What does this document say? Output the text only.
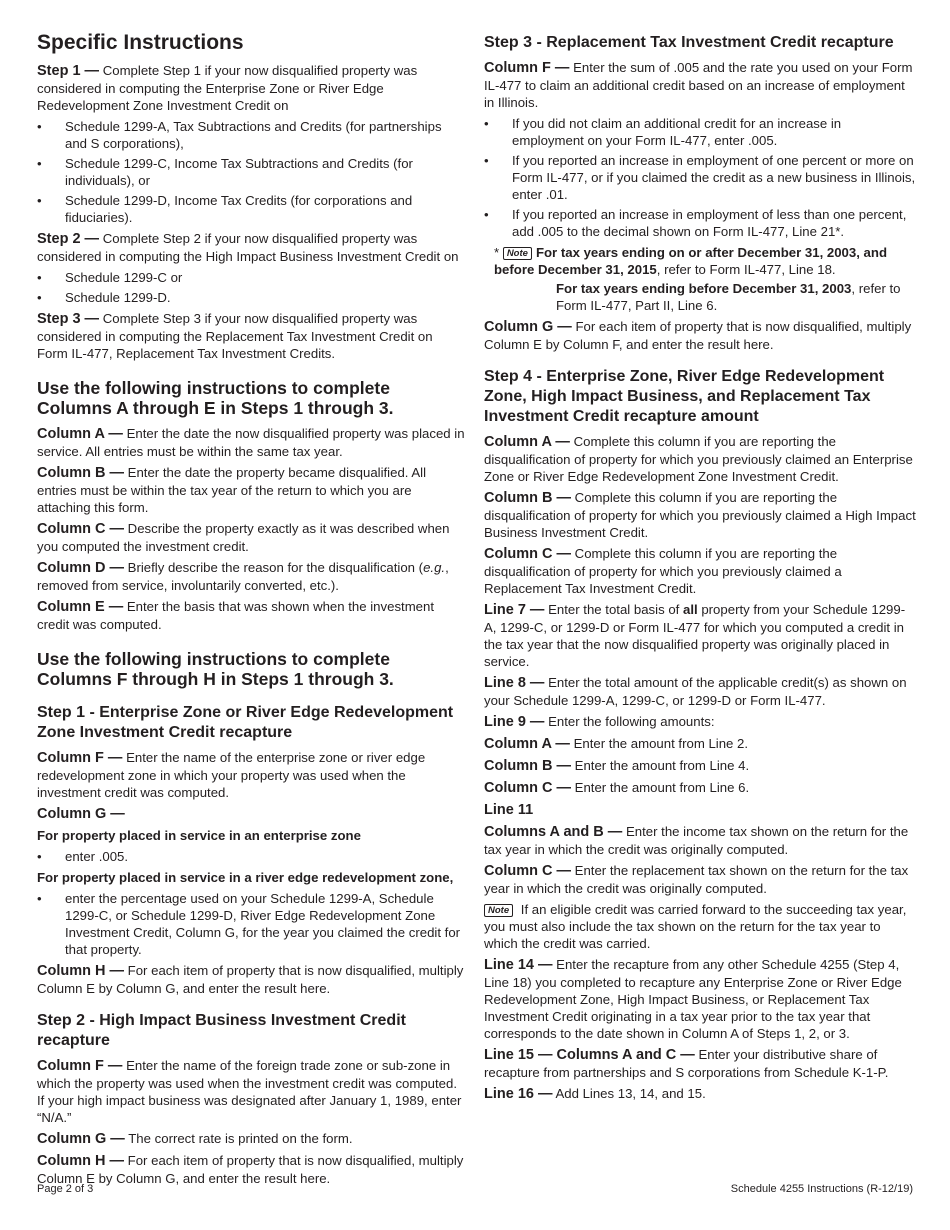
Specific Instructions

Step 1 — Complete Step 1 if your now disqualified property was considered in computing the Enterprise Zone or River Edge Redevelopment Zone Investment Credit on

• Schedule 1299-A, Tax Subtractions and Credits (for partnerships and S corporations),
• Schedule 1299-C, Income Tax Subtractions and Credits (for individuals), or
• Schedule 1299-D, Income Tax Credits (for corporations and fiduciaries).

Step 2 — Complete Step 2 if your now disqualified property was considered in computing the High Impact Business Investment Credit on

• Schedule 1299-C or
• Schedule 1299-D.

Step 3 — Complete Step 3 if your now disqualified property was considered in computing the Replacement Tax Investment Credit on Form IL-477, Replacement Tax Investment Credits.

Use the following instructions to complete Columns A through E in Steps 1 through 3.

Column A — Enter the date the now disqualified property was placed in service. All entries must be within the same tax year.

Column B — Enter the date the property became disqualified. All entries must be within the tax year of the return to which you are attaching this form.

Column C — Describe the property exactly as it was described when you computed the investment credit.

Column D — Briefly describe the reason for the disqualification (e.g., removed from service, involuntarily converted, etc.).

Column E — Enter the basis that was shown when the investment credit was computed.

Use the following instructions to complete Columns F through H in Steps 1 through 3.
Step 1 - Enterprise Zone or River Edge Redevelopment Zone Investment Credit recapture

Column F — Enter the name of the enterprise zone or river edge redevelopment zone in which your property was used when the investment credit was computed.

Column G —

For property placed in service in an enterprise zone

• enter .005.

For property placed in service in a river edge redevelopment zone,

• enter the percentage used on your Schedule 1299-A, Schedule 1299-C, or Schedule 1299-D, River Edge Redevelopment Zone Investment Credit, Column G, for the year you claimed the credit for that property.

Column H — For each item of property that is now disqualified, multiply Column E by Column G, and enter the result here.

Step 2 - High Impact Business Investment Credit recapture

Column F — Enter the name of the foreign trade zone or sub-zone in which the property was used when the investment credit was computed. If your high impact business was designated after January 1, 1989, enter “N/A.”

Column G — The correct rate is printed on the form.

Column H — For each item of property that is now disqualified, multiply Column E by Column G, and enter the result here.

Step 3 - Replacement Tax Investment Credit recapture

Column F — Enter the sum of .005 and the rate you used on your Form IL-477 to claim an additional credit based on an increase of employment in Illinois.

• If you did not claim an additional credit for an increase in employment on your Form IL-477, enter .005.
• If you reported an increase in employment of one percent or more on Form IL-477, or if you claimed the credit as a new business in Illinois, enter .01.
• If you reported an increase in employment of less than one percent, add .005 to the decimal shown on Form IL-477, Line 21*.

* Note For tax years ending on or after December 31, 2003, and before December 31, 2015, refer to Form IL-477, Line 18.

For tax years ending before December 31, 2003, refer to Form IL-477, Part II, Line 6.

Column G — For each item of property that is now disqualified, multiply Column E by Column F, and enter the result here.

Step 4 - Enterprise Zone, River Edge Redevelopment Zone, High Impact Business, and Replacement Tax Investment Credit recapture amount

Column A — Complete this column if you are reporting the disqualification of property for which you previously claimed an Enterprise Zone or River Edge Redevelopment Zone Investment Credit.

Column B — Complete this column if you are reporting the disqualification of property for which you previously claimed a High Impact Business Investment Credit.

Column C — Complete this column if you are reporting the disqualification of property for which you previously claimed a Replacement Tax Investment Credit.

Line 7 — Enter the total basis of all property from your Schedule 1299-A, 1299-C, or 1299-D or Form IL-477 for which you computed a credit in the tax year that the now disqualified property was originally placed in service.

Line 8 — Enter the total amount of the applicable credit(s) as shown on your Schedule 1299-A, 1299-C, or 1299-D or Form IL-477.

Line 9 — Enter the following amounts:

Column A — Enter the amount from Line 2.

Column B — Enter the amount from Line 4.

Column C — Enter the amount from Line 6.

Line 11

Columns A and B — Enter the income tax shown on the return for the tax year in which the credit was originally computed.

Column C — Enter the replacement tax shown on the return for the tax year in which the credit was originally computed.

Note If an eligible credit was carried forward to the succeeding tax year, you must also include the tax shown on the return for the tax year to which the credit was carried.

Line 14 — Enter the recapture from any other Schedule 4255 (Step 4, Line 18) you completed to recapture any Enterprise Zone or River Edge Redevelopment Zone, High Impact Business, or Replacement Tax Investment Credit originating in a tax year prior to the tax year that corresponds to the date shown in Column A of Steps 1, 2, or 3.

Line 15 — Columns A and C — Enter your distributive share of recapture from partnerships and S corporations from Schedule K-1-P.

Line 16 — Add Lines 13, 14, and 15.

Page 2 of 3	Schedule 4255 Instructions (R-12/19)
